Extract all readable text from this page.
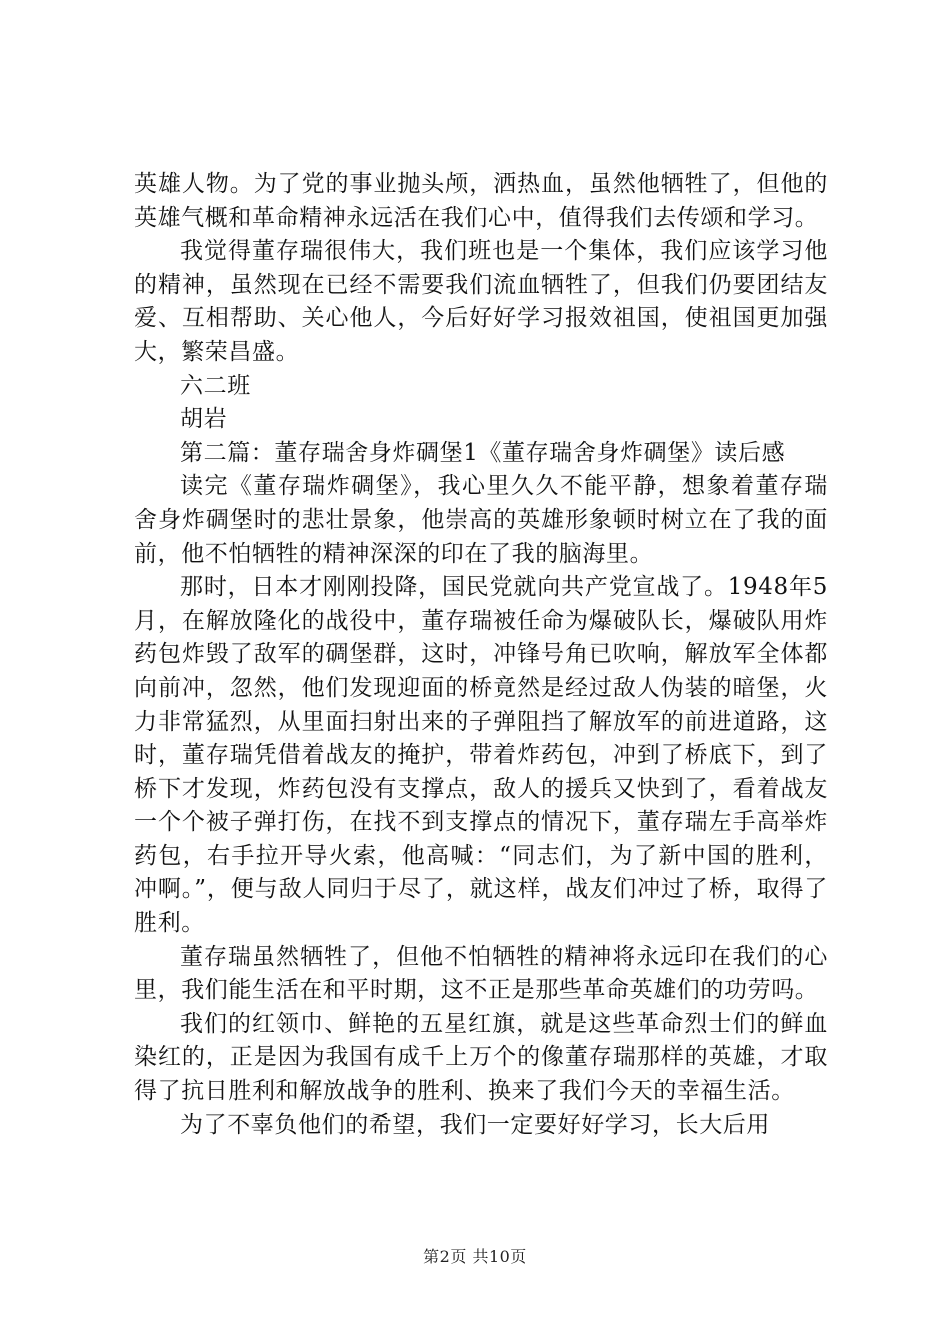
英雄人物。为了党的事业抛头颅，洒热血，虽然他牺牲了，但他的英雄气概和革命精神永远活在我们心中，值得我们去传颂和学习。

我觉得董存瑞很伟大，我们班也是一个集体，我们应该学习他的精神，虽然现在已经不需要我们流血牺牲了，但我们仍要团结友爱、互相帮助、关心他人，今后好好学习报效祖国，使祖国更加强大，繁荣昌盛。

六二班

胡岩

第二篇：董存瑞舍身炸碉堡1《董存瑞舍身炸碉堡》读后感

读完《董存瑞炸碉堡》，我心里久久不能平静，想象着董存瑞舍身炸碉堡时的悲壮景象，他崇高的英雄形象顿时树立在了我的面前，他不怕牺牲的精神深深的印在了我的脑海里。

那时，日本才刚刚投降，国民党就向共产党宣战了。1948年5月，在解放隆化的战役中，董存瑞被任命为爆破队长，爆破队用炸药包炸毁了敌军的碉堡群，这时，冲锋号角已吹响，解放军全体都向前冲，忽然，他们发现迎面的桥竟然是经过敌人伪装的暗堡，火力非常猛烈，从里面扫射出来的子弹阻挡了解放军的前进道路，这时，董存瑞凭借着战友的掩护，带着炸药包，冲到了桥底下，到了桥下才发现，炸药包没有支撑点，敌人的援兵又快到了，看着战友一个个被子弹打伤，在找不到支撑点的情况下，董存瑞左手高举炸药包，右手拉开导火索，他高喊：“同志们，为了新中国的胜利，冲啊。”，便与敌人同归于尽了，就这样，战友们冲过了桥，取得了胜利。

董存瑞虽然牺牲了，但他不怕牺牲的精神将永远印在我们的心里，我们能生活在和平时期，这不正是那些革命英雄们的功劳吗。

我们的红领巾、鲜艳的五星红旗，就是这些革命烈士们的鲜血染红的，正是因为我国有成千上万个的像董存瑞那样的英雄，才取得了抗日胜利和解放战争的胜利、换来了我们今天的幸福生活。

为了不辜负他们的希望，我们一定要好好学习，长大后用

第2页 共10页
